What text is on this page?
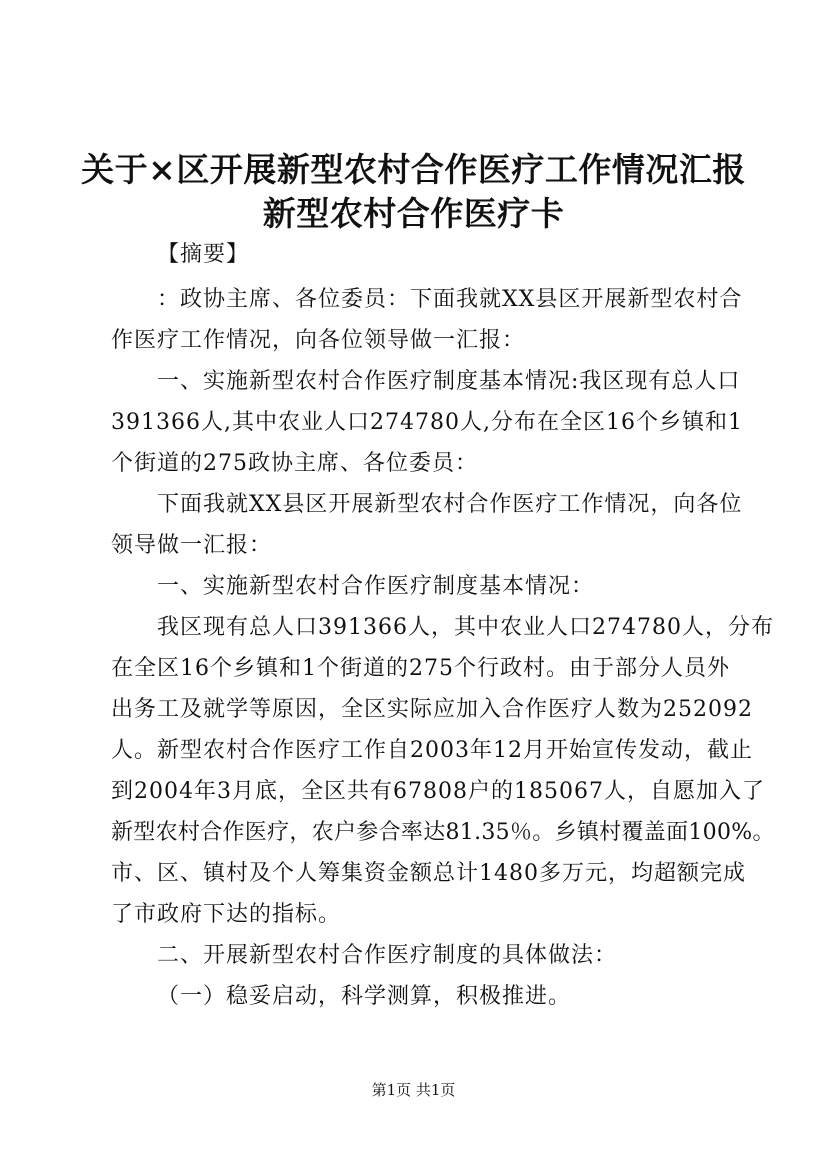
关于×区开展新型农村合作医疗工作情况汇报
新型农村合作医疗卡
【摘要】
：政协主席、各位委员：下面我就XX县区开展新型农村合
作医疗工作情况，向各位领导做一汇报：
一、实施新型农村合作医疗制度基本情况:我区现有总人口
391366人,其中农业人口274780人,分布在全区16个乡镇和1
个街道的275政协主席、各位委员：
下面我就XX县区开展新型农村合作医疗工作情况，向各位
领导做一汇报：
一、实施新型农村合作医疗制度基本情况：
我区现有总人口391366人，其中农业人口274780人，分布
在全区16个乡镇和1个街道的275个行政村。由于部分人员外
出务工及就学等原因，全区实际应加入合作医疗人数为252092
人。新型农村合作医疗工作自2003年12月开始宣传发动，截止
到2004年3月底，全区共有67808户的185067人，自愿加入了
新型农村合作医疗，农户参合率达81.35％。乡镇村覆盖面100%。
市、区、镇村及个人筹集资金额总计1480多万元，均超额完成
了市政府下达的指标。
二、开展新型农村合作医疗制度的具体做法：
（一）稳妥启动，科学测算，积极推进。
第1页 共1页
